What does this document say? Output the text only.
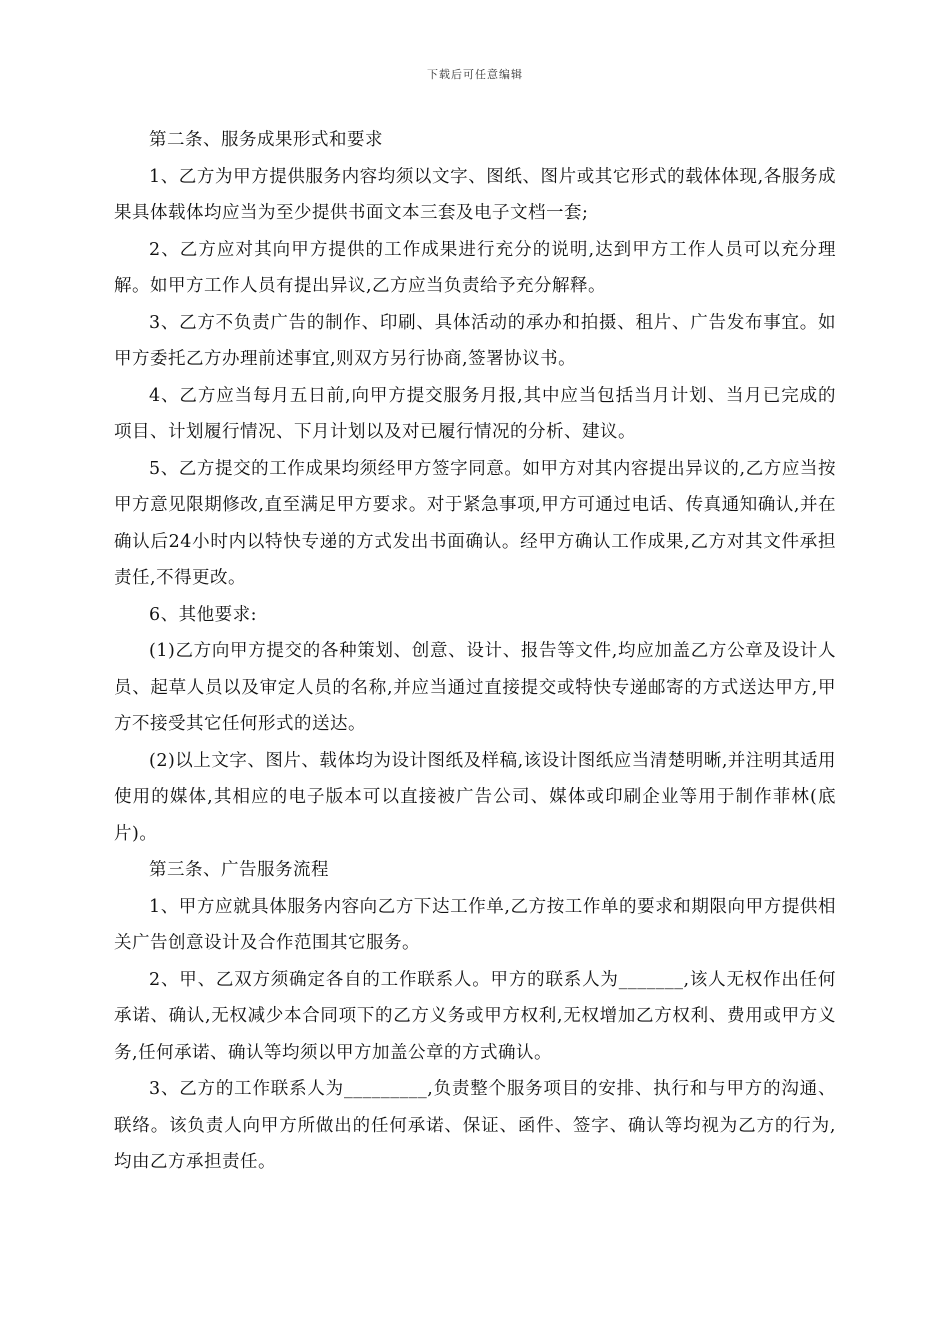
下载后可任意编辑

第二条、服务成果形式和要求

1、乙方为甲方提供服务内容均须以文字、图纸、图片或其它形式的载体体现,各服务成果具体载体均应当为至少提供书面文本三套及电子文档一套;

2、乙方应对其向甲方提供的工作成果进行充分的说明,达到甲方工作人员可以充分理解。如甲方工作人员有提出异议,乙方应当负责给予充分解释。

3、乙方不负责广告的制作、印刷、具体活动的承办和拍摄、租片、广告发布事宜。如甲方委托乙方办理前述事宜,则双方另行协商,签署协议书。

4、乙方应当每月五日前,向甲方提交服务月报,其中应当包括当月计划、当月已完成的项目、计划履行情况、下月计划以及对已履行情况的分析、建议。

5、乙方提交的工作成果均须经甲方签字同意。如甲方对其内容提出异议的,乙方应当按甲方意见限期修改,直至满足甲方要求。对于紧急事项,甲方可通过电话、传真通知确认,并在确认后24小时内以特快专递的方式发出书面确认。经甲方确认工作成果,乙方对其文件承担责任,不得更改。

6、其他要求:

(1)乙方向甲方提交的各种策划、创意、设计、报告等文件,均应加盖乙方公章及设计人员、起草人员以及审定人员的名称,并应当通过直接提交或特快专递邮寄的方式送达甲方,甲方不接受其它任何形式的送达。

(2)以上文字、图片、载体均为设计图纸及样稿,该设计图纸应当清楚明晰,并注明其适用使用的媒体,其相应的电子版本可以直接被广告公司、媒体或印刷企业等用于制作菲林(底片)。

第三条、广告服务流程

1、甲方应就具体服务内容向乙方下达工作单,乙方按工作单的要求和期限向甲方提供相关广告创意设计及合作范围其它服务。

2、甲、乙双方须确定各自的工作联系人。甲方的联系人为_______,该人无权作出任何承诺、确认,无权减少本合同项下的乙方义务或甲方权利,无权增加乙方权利、费用或甲方义务,任何承诺、确认等均须以甲方加盖公章的方式确认。

3、乙方的工作联系人为_________,负责整个服务项目的安排、执行和与甲方的沟通、联络。该负责人向甲方所做出的任何承诺、保证、函件、签字、确认等均视为乙方的行为,均由乙方承担责任。
